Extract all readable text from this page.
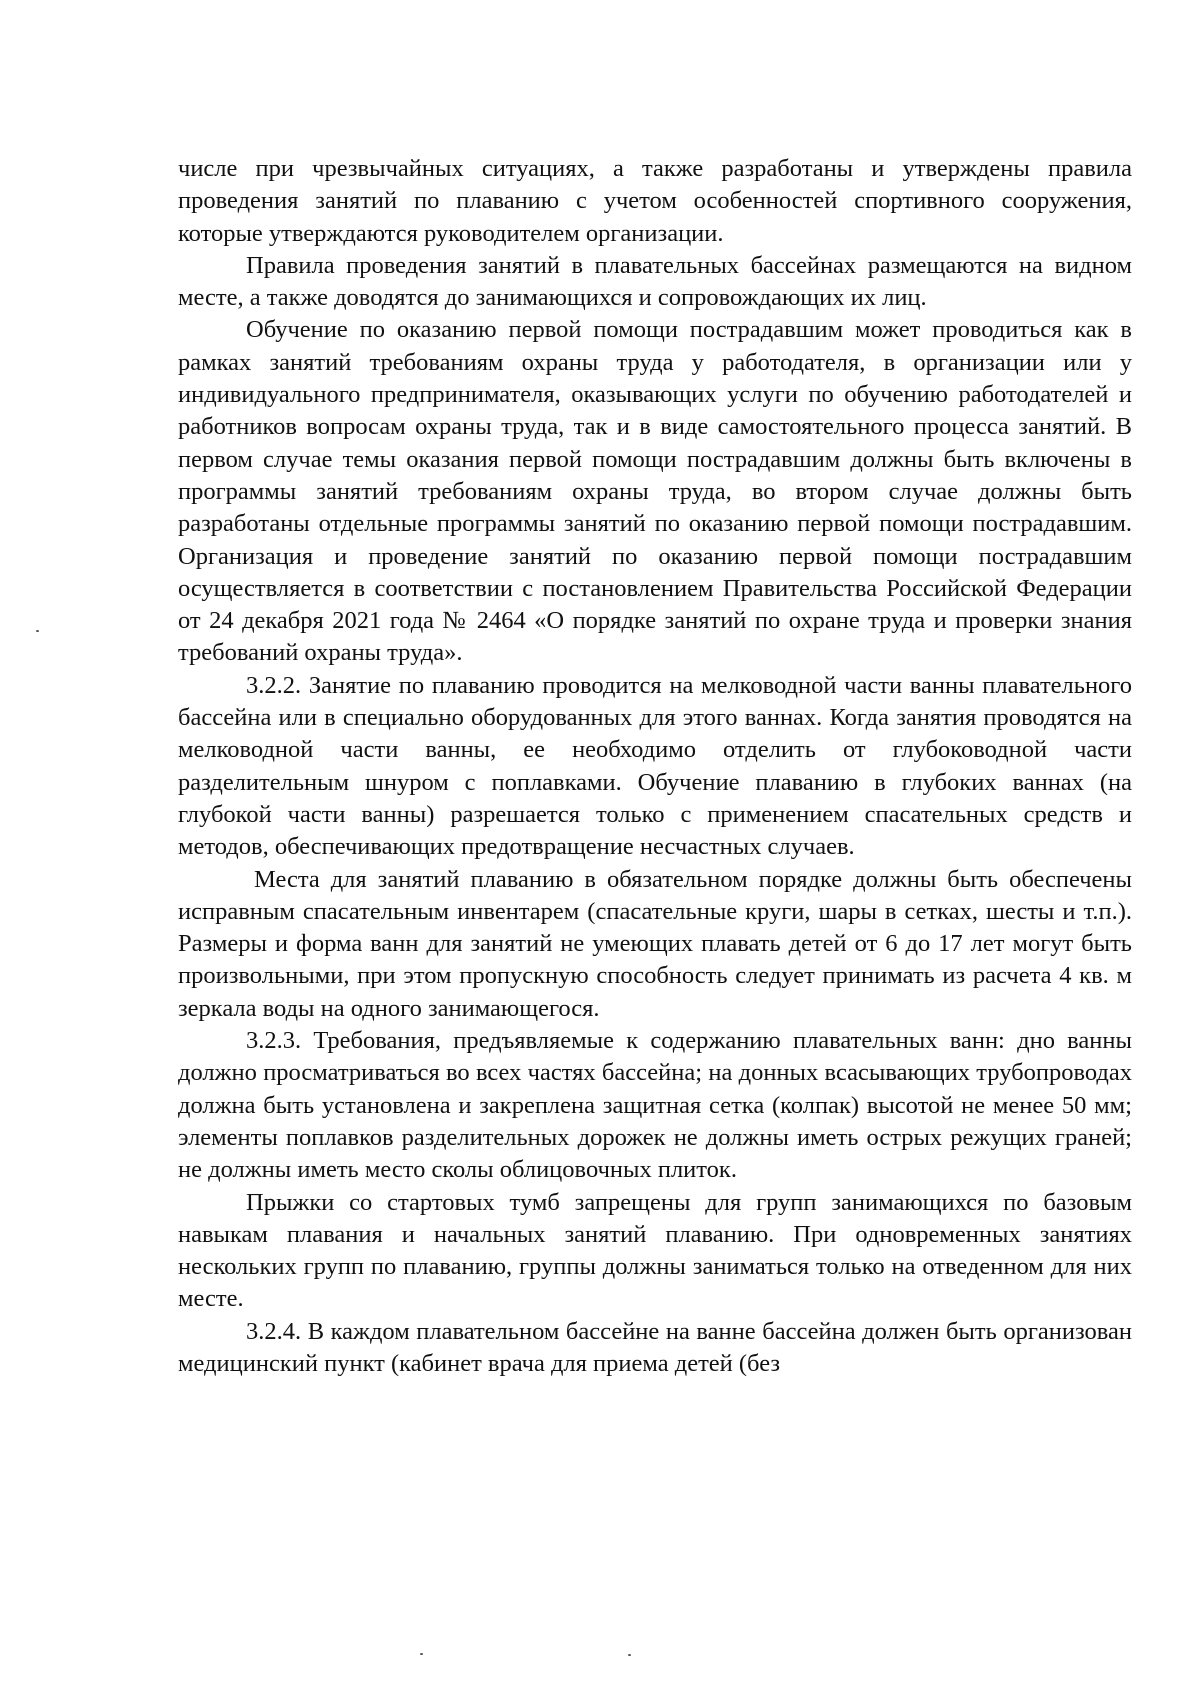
числе при чрезвычайных ситуациях, а также разработаны и утверждены правила проведения занятий по плаванию с учетом особенностей спортивного сооружения, которые утверждаются руководителем организации.

Правила проведения занятий в плавательных бассейнах размещаются на видном месте, а также доводятся до занимающихся и сопровождающих их лиц.

Обучение по оказанию первой помощи пострадавшим может проводиться как в рамках занятий требованиям охраны труда у работодателя, в организации или у индивидуального предпринимателя, оказывающих услуги по обучению работодателей и работников вопросам охраны труда, так и в виде самостоятельного процесса занятий. В первом случае темы оказания первой помощи пострадавшим должны быть включены в программы занятий требованиям охраны труда, во втором случае должны быть разработаны отдельные программы занятий по оказанию первой помощи пострадавшим. Организация и проведение занятий по оказанию первой помощи пострадавшим осуществляется в соответствии с постановлением Правительства Российской Федерации от 24 декабря 2021 года № 2464 «О порядке занятий по охране труда и проверки знания требований охраны труда».

3.2.2. Занятие по плаванию проводится на мелководной части ванны плавательного бассейна или в специально оборудованных для этого ваннах. Когда занятия проводятся на мелководной части ванны, ее необходимо отделить от глубоководной части разделительным шнуром с поплавками. Обучение плаванию в глубоких ваннах (на глубокой части ванны) разрешается только с применением спасательных средств и методов, обеспечивающих предотвращение несчастных случаев.

Места для занятий плаванию в обязательном порядке должны быть обеспечены исправным спасательным инвентарем (спасательные круги, шары в сетках, шесты и т.п.). Размеры и форма ванн для занятий не умеющих плавать детей от 6 до 17 лет могут быть произвольными, при этом пропускную способность следует принимать из расчета 4 кв. м зеркала воды на одного занимающегося.

3.2.3. Требования, предъявляемые к содержанию плавательных ванн: дно ванны должно просматриваться во всех частях бассейна; на донных всасывающих трубопроводах должна быть установлена и закреплена защитная сетка (колпак) высотой не менее 50 мм; элементы поплавков разделительных дорожек не должны иметь острых режущих граней; не должны иметь место сколы облицовочных плиток.

Прыжки со стартовых тумб запрещены для групп занимающихся по базовым навыкам плавания и начальных занятий плаванию. При одновременных занятиях нескольких групп по плаванию, группы должны заниматься только на отведенном для них месте.

3.2.4. В каждом плавательном бассейне на ванне бассейна должен быть организован медицинский пункт (кабинет врача для приема детей (без
